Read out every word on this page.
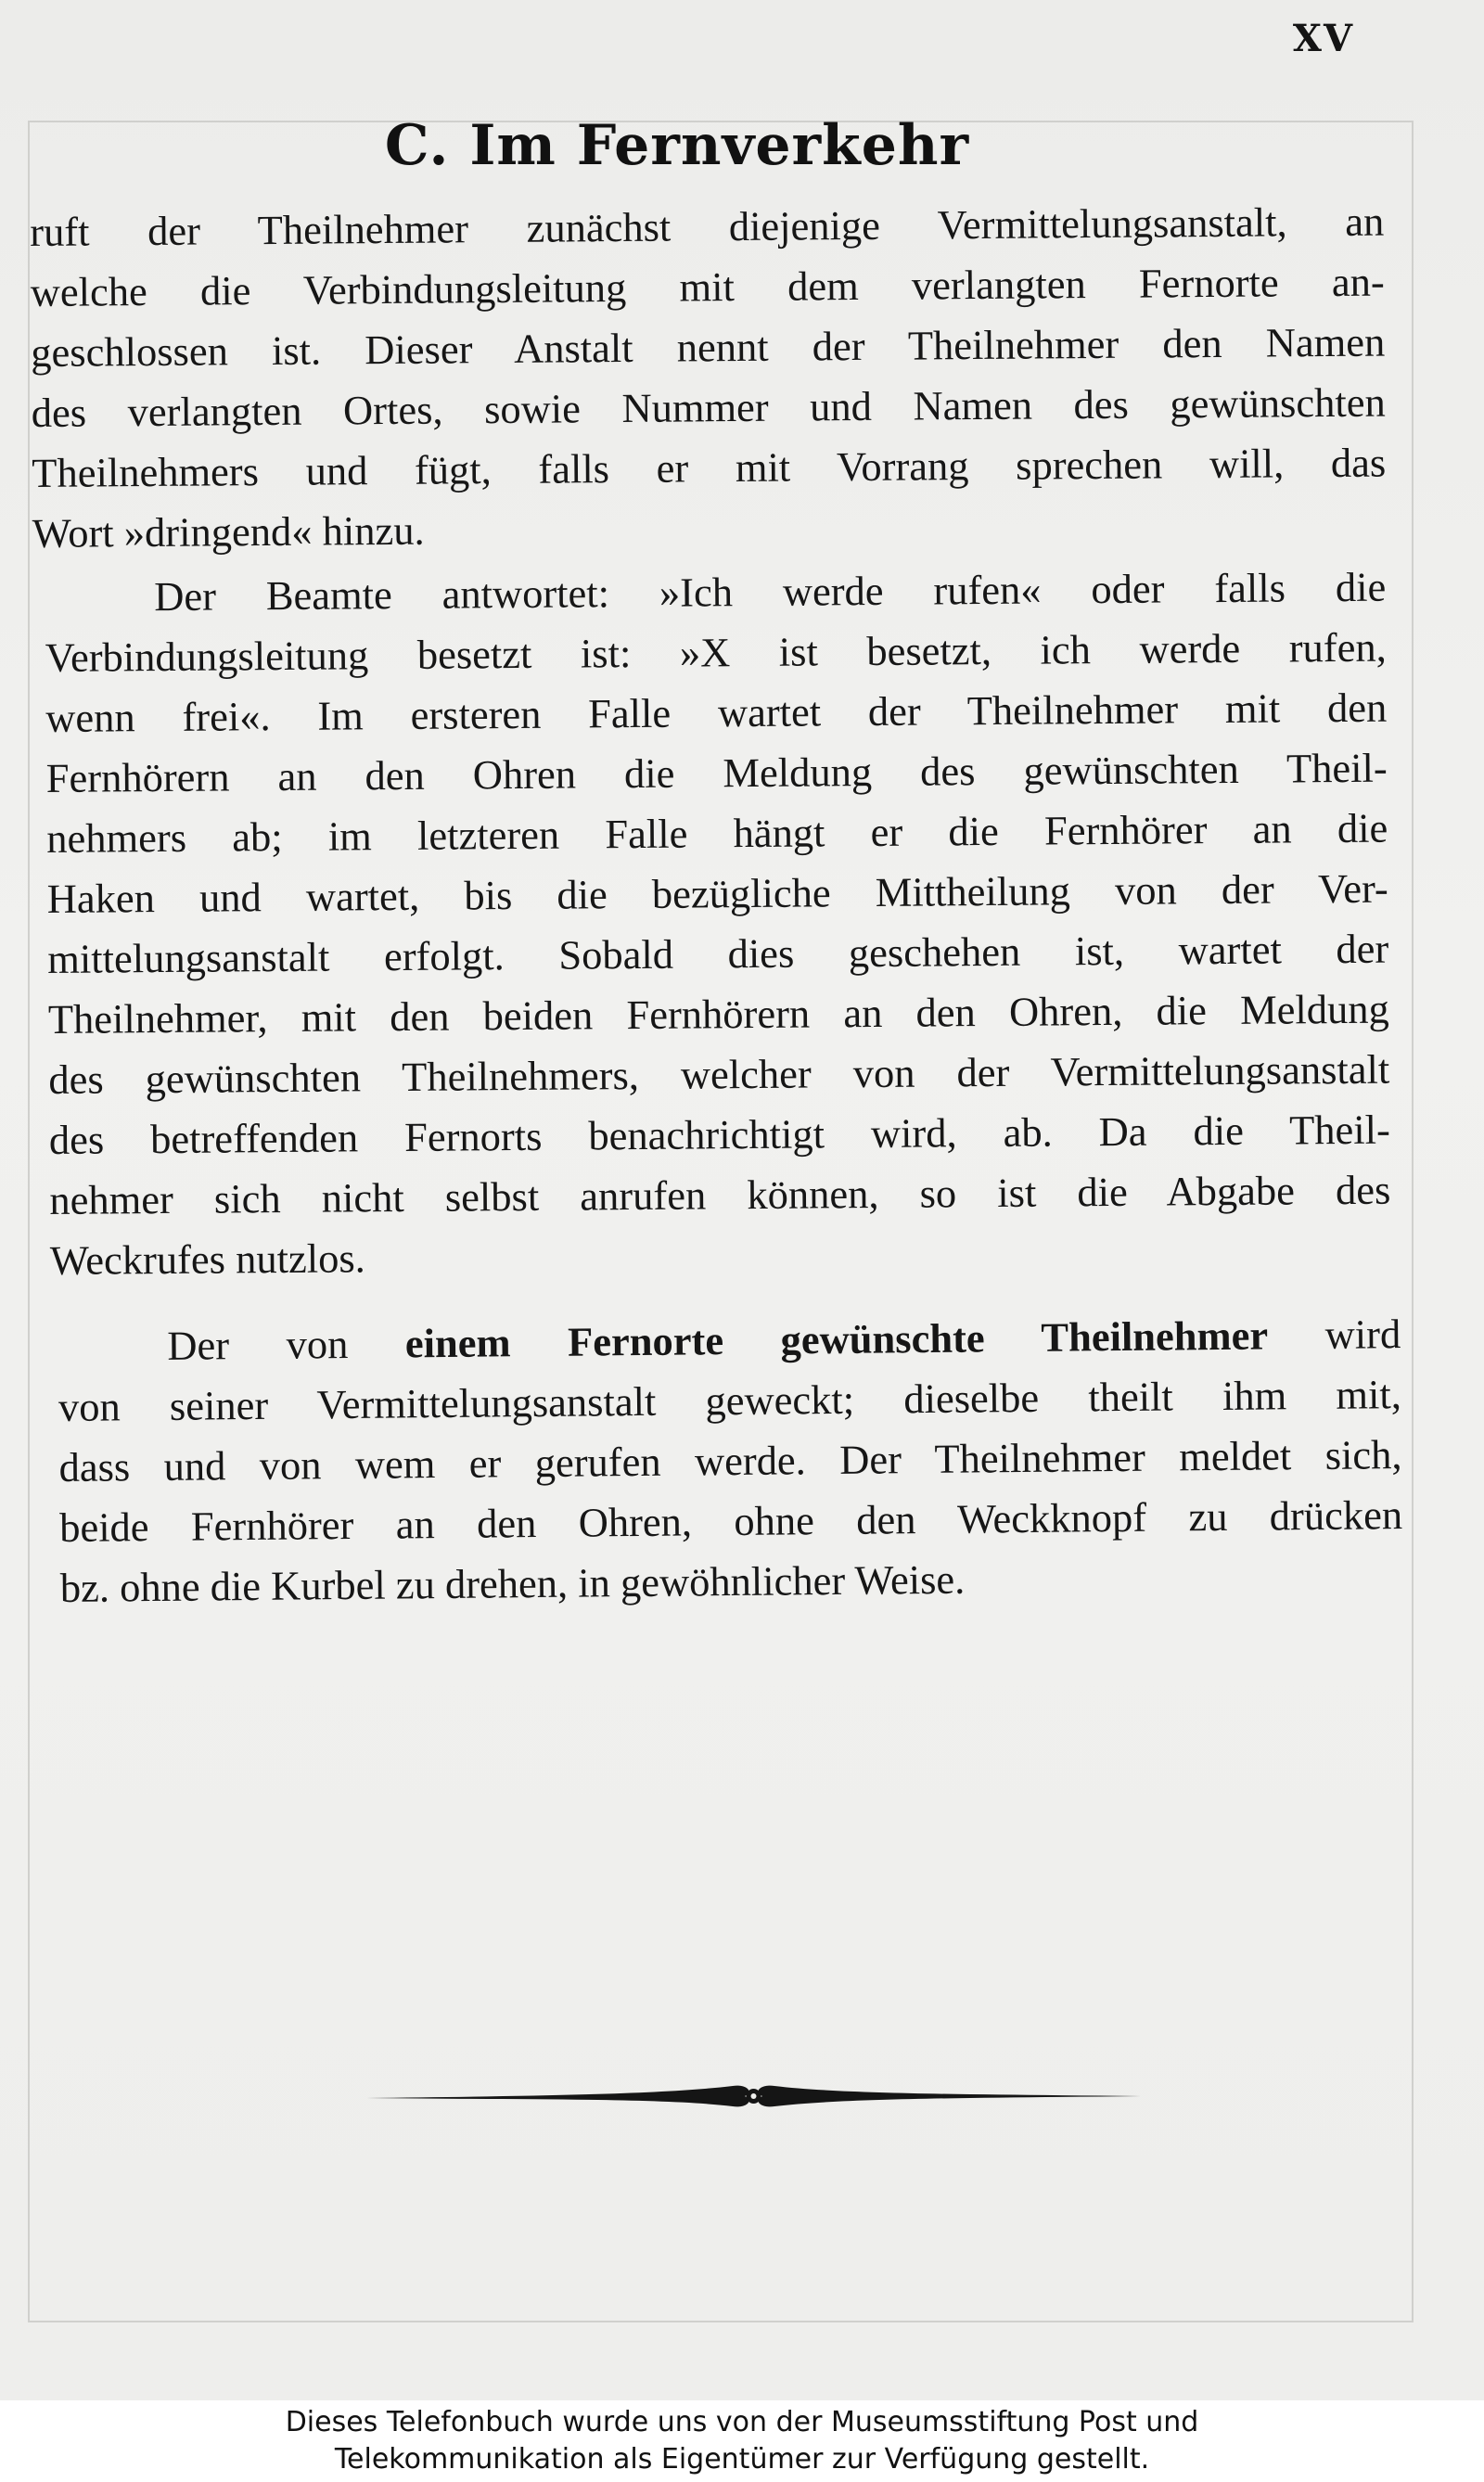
XV
C. Im Fernverkehr
ruft der Theilnehmer zunächst diejenige Vermittelungsanstalt, an
welche die Verbindungsleitung mit dem verlangten Fernorte an-
geschlossen ist. Dieser Anstalt nennt der Theilnehmer den Namen
des verlangten Ortes, sowie Nummer und Namen des gewünschten
Theilnehmers und fügt, falls er mit Vorrang sprechen will, das
Wort »dringend« hinzu.
Der Beamte antwortet: »Ich werde rufen« oder falls die
Verbindungsleitung besetzt ist: »X ist besetzt, ich werde rufen,
wenn frei«. Im ersteren Falle wartet der Theilnehmer mit den
Fernhörern an den Ohren die Meldung des gewünschten Theil-
nehmers ab; im letzteren Falle hängt er die Fernhörer an die
Haken und wartet, bis die bezügliche Mittheilung von der Ver-
mittelungsanstalt erfolgt. Sobald dies geschehen ist, wartet der
Theilnehmer, mit den beiden Fernhörern an den Ohren, die Meldung
des gewünschten Theilnehmers, welcher von der Vermittelungsanstalt
des betreffenden Fernorts benachrichtigt wird, ab. Da die Theil-
nehmer sich nicht selbst anrufen können, so ist die Abgabe des
Weckrufes nutzlos.
Der von einem Fernorte gewünschte Theilnehmer wird
von seiner Vermittelungsanstalt geweckt; dieselbe theilt ihm mit,
dass und von wem er gerufen werde. Der Theilnehmer meldet sich,
beide Fernhörer an den Ohren, ohne den Weckknopf zu drücken
bz. ohne die Kurbel zu drehen, in gewöhnlicher Weise.
Dieses Telefonbuch wurde uns von der Museumsstiftung Post und
Telekommunikation als Eigentümer zur Verfügung gestellt.
